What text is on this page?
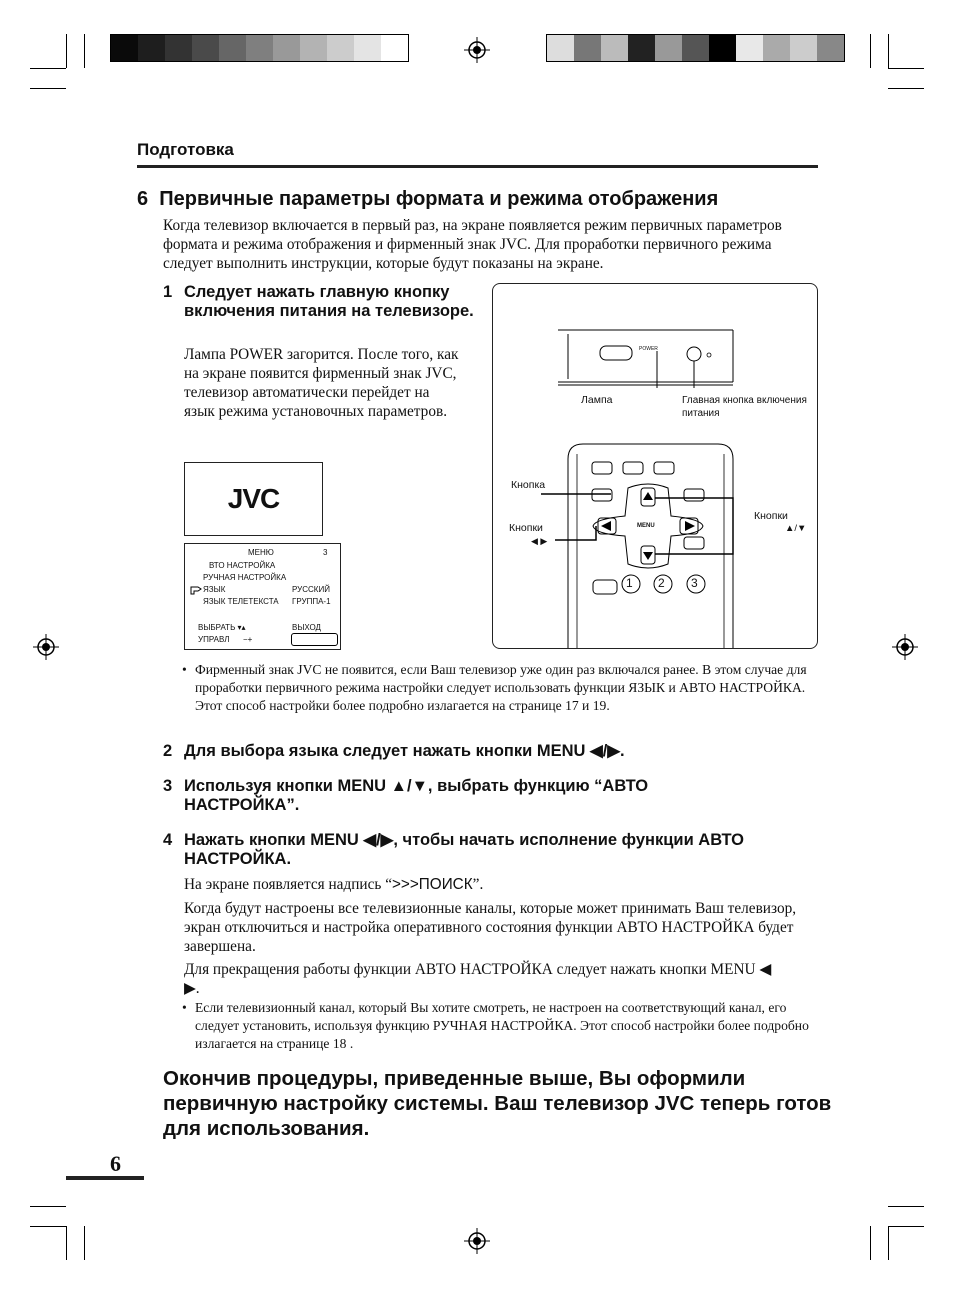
Подготовка
6 Первичные параметры формата и режима отображения
Когда телевизор включается в первый раз, на экране появляется режим первичных параметров формата и режима отображения и фирменный знак JVC. Для проработки первичного режима следует выполнить инструкции, которые будут показаны на экране.
1 Следует нажать главную кнопку включения питания на телевизоре.
Лампа POWER загорится. После того, как на экране появится фирменный знак JVC, телевизор автоматически перейдет на язык режима установочных параметров.
JVC
МЕНЮ	3
ВТО НАСТРОЙКА
РУЧНАЯ НАСТРОЙКА
ЯЗЫК	РУССКИЙ
ЯЗЫК ТЕЛЕТЕКСТА ГРУППА-1
ВЫБРАТЬ ▾▴	ВЫХОД
УПРАВЛ −+
POWER
Лампа	Главная кнопка включения питания
Кнопка
Кнопки
◀ ▶
Кнопки
▲/▼
MENU
1 2 3
• Фирменный знак JVC не появится, если Ваш телевизор уже один раз включался ранее. В этом случае для проработки первичного режима настройки следует использовать функции ЯЗЫК и АВТО НАСТРОЙКА. Этот способ настройки более подробно излагается на странице 17 и 19.
2 Для выбора языка следует нажать кнопки MENU ◀/▶.
3 Используя кнопки MENU ▲/▼, выбрать функцию “АВТО НАСТРОЙКА”.
4 Нажать кнопки MENU ◀/▶, чтобы начать исполнение функции АВТО НАСТРОЙКА.
На экране появляется надпись “>>>ПОИСК”.
Когда будут настроены все телевизионные каналы, которые может принимать Ваш телевизор, экран отключиться и настройка оперативного состояния функции АВТО НАСТРОЙКА будет завершена.
Для прекращения работы функции АВТО НАСТРОЙКА следует нажать кнопки MENU ◀ ▶.
• Если телевизионный канал, который Вы хотите смотреть, не настроен на соответствующий канал, его следует установить, используя функцию РУЧНАЯ НАСТРОЙКА. Этот способ настройки более подробно излагается на странице 18 .
Окончив процедуры, приведенные выше, Вы оформили первичную настройку системы. Ваш телевизор JVC теперь готов для использования.
6
